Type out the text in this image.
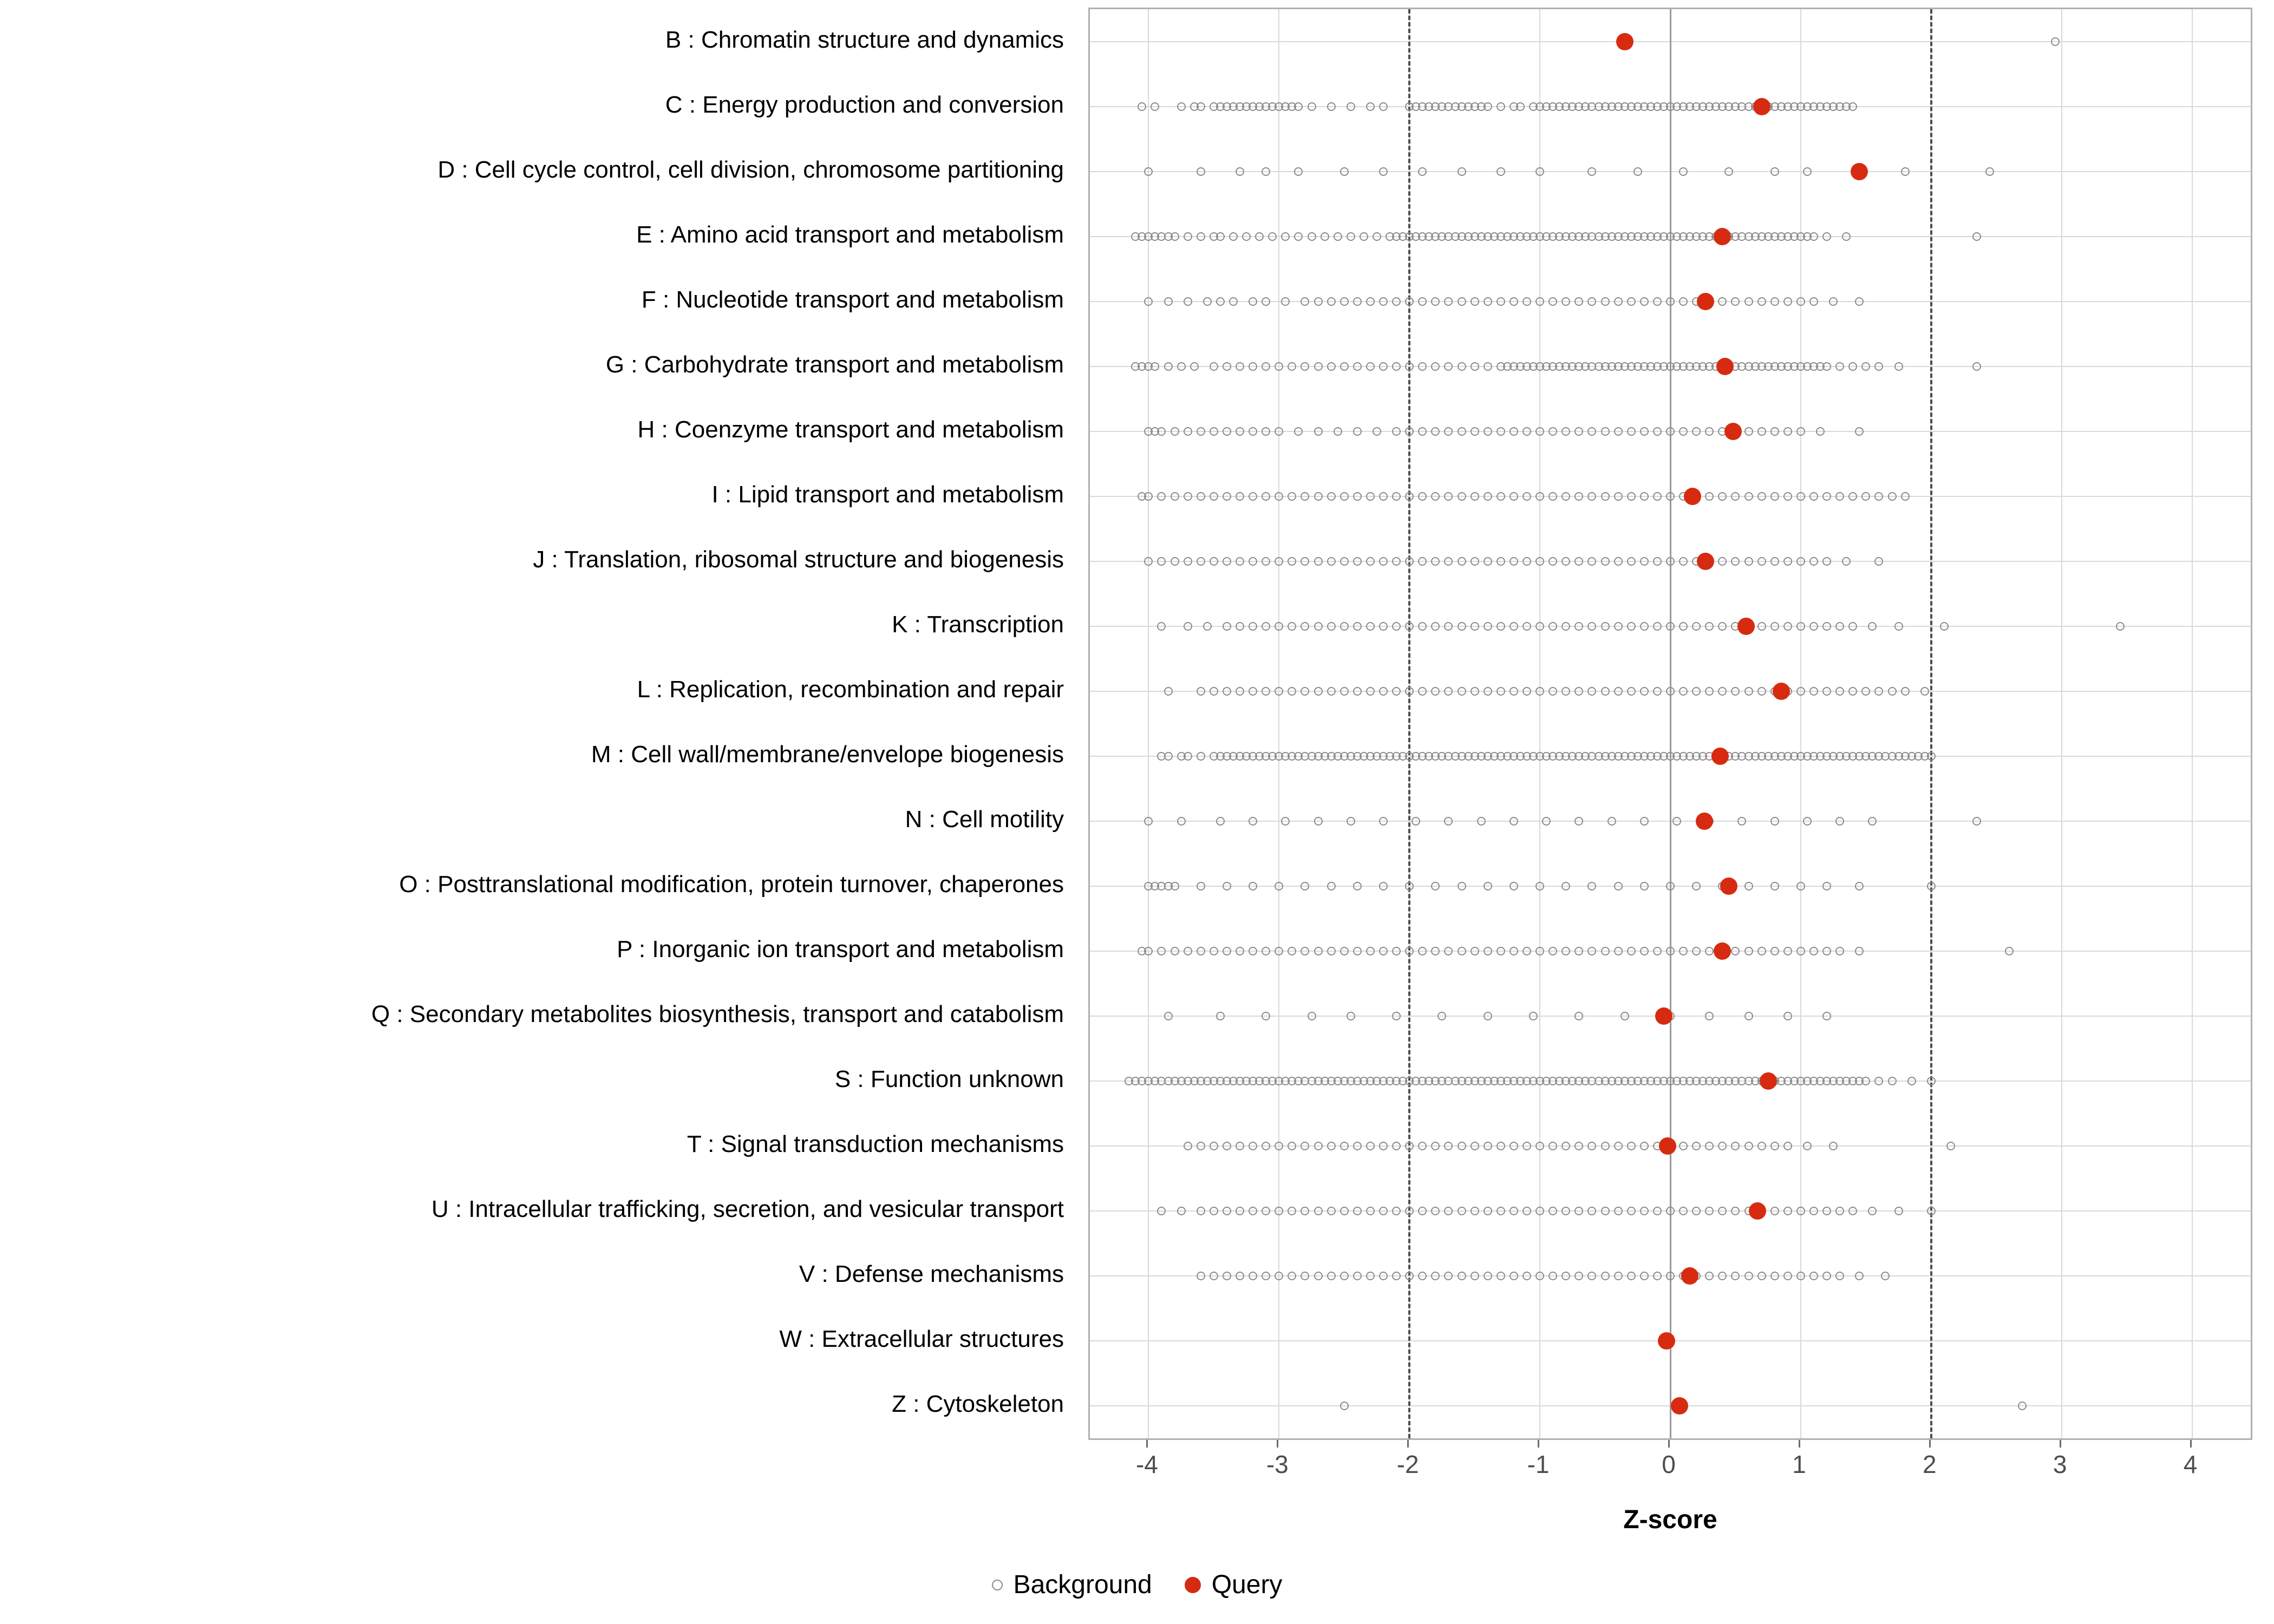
B : Chromatin structure and dynamics
C : Energy production and conversion
D : Cell cycle control, cell division, chromosome partitioning
E : Amino acid transport and metabolism
F : Nucleotide transport and metabolism
G : Carbohydrate transport and metabolism
H : Coenzyme transport and metabolism
I : Lipid transport and metabolism
J : Translation, ribosomal structure and biogenesis
K : Transcription
L : Replication, recombination and repair
M : Cell wall/membrane/envelope biogenesis
N : Cell motility
O : Posttranslational modification, protein turnover, chaperones
P : Inorganic ion transport and metabolism
Q : Secondary metabolites biosynthesis, transport and catabolism
S : Function unknown
T : Signal transduction mechanisms
U : Intracellular trafficking, secretion, and vesicular transport
V : Defense mechanisms
W : Extracellular structures
Z : Cytoskeleton
-4	-3	-2	-1	0	1	2	3	4
Z-score
Background Query
